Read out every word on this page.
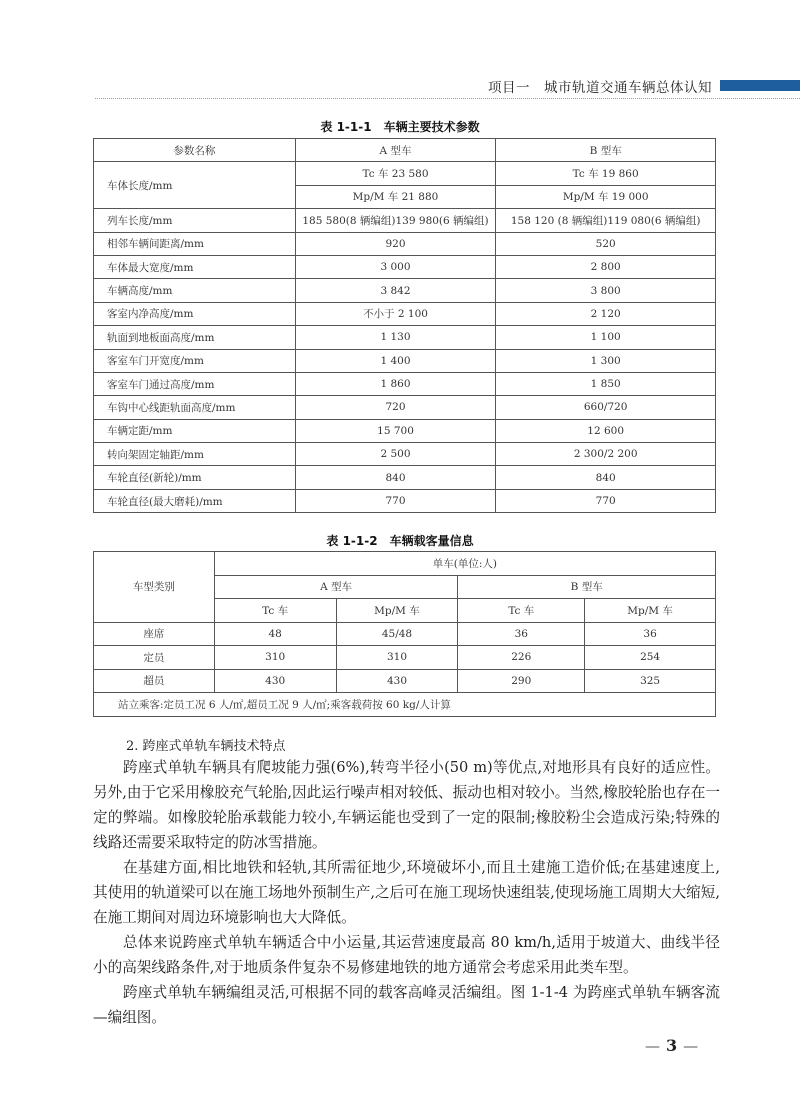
项目一　城市轨道交通车辆总体认知
表 1-1-1　车辆主要技术参数
参数名称	A 型车	B 型车
车体长度/mm	Tc 车 23 580	Tc 车 19 860
	Mp/M 车 21 880	Mp/M 车 19 000
列车长度/mm	185 580(8 辆编组)139 980(6 辆编组)	158 120 (8 辆编组)119 080(6 辆编组)
相邻车辆间距离/mm	920	520
车体最大宽度/mm	3 000	2 800
车辆高度/mm	3 842	3 800
客室内净高度/mm	不小于 2 100	2 120
轨面到地板面高度/mm	1 130	1 100
客室车门开宽度/mm	1 400	1 300
客室车门通过高度/mm	1 860	1 850
车钩中心线距轨面高度/mm	720	660/720
车辆定距/mm	15 700	12 600
转向架固定轴距/mm	2 500	2 300/2 200
车轮直径(新轮)/mm	840	840
车轮直径(最大磨耗)/mm	770	770
表 1-1-2　车辆载客量信息
车型类别	单车(单位:人)			
	A 型车		B 型车	
	Tc 车	Mp/M 车	Tc 车	Mp/M 车
座席	48	45/48	36	36
定员	310	310	226	254
超员	430	430	290	325
站立乘客:定员工况 6 人/㎡,超员工况 9 人/㎡;乘客载荷按 60 kg/人计算				
2. 跨座式单轨车辆技术特点

跨座式单轨车辆具有爬坡能力强(6%),转弯半径小(50 m)等优点,对地形具有良好的适应性。另外,由于它采用橡胶充气轮胎,因此运行噪声相对较低、振动也相对较小。当然,橡胶轮胎也存在一定的弊端。如橡胶轮胎承载能力较小,车辆运能也受到了一定的限制;橡胶粉尘会造成污染;特殊的线路还需要采取特定的防冰雪措施。

在基建方面,相比地铁和轻轨,其所需征地少,环境破坏小,而且土建施工造价低;在基建速度上,其使用的轨道梁可以在施工场地外预制生产,之后可在施工现场快速组装,使现场施工周期大大缩短,在施工期间对周边环境影响也大大降低。

总体来说跨座式单轨车辆适合中小运量,其运营速度最高 80 km/h,适用于坡道大、曲线半径小的高架线路条件,对于地质条件复杂不易修建地铁的地方通常会考虑采用此类车型。

跨座式单轨车辆编组灵活,可根据不同的载客高峰灵活编组。图 1-1-4 为跨座式单轨车辆客流—编组图。

— 3 —
